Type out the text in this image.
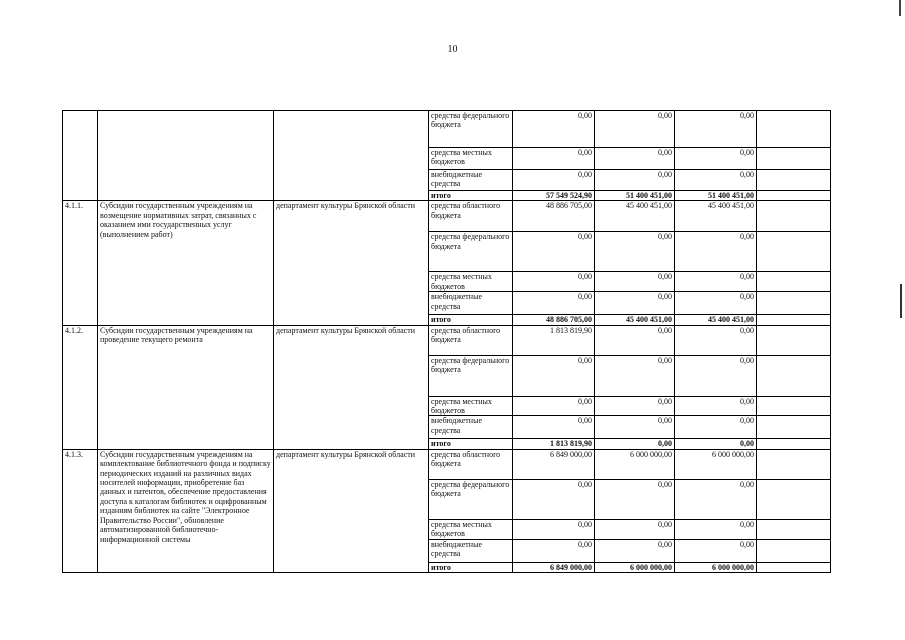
10

			средства федерального бюджета	0,00	0,00	0,00	

			средства местных бюджетов	0,00	0,00	0,00	

			внебюджетные средства	0,00	0,00	0,00	

			итого	57 549 524,90	51 400 451,00	51 400 451,00	
4.1.1.	Субсидии государственным учреждениям на возмещение нормативных затрат, связанных с оказанием ими государственных услуг (выполнением работ)	департамент культуры Брянской области	средства областного бюджета	48 886 705,00	45 400 451,00	45 400 451,00	

			средства федерального бюджета	0,00	0,00	0,00	

			средства местных бюджетов	0,00	0,00	0,00	

			внебюджетные средства	0,00	0,00	0,00	

			итого	48 886 705,00	45 400 451,00	45 400 451,00	
4.1.2.	Субсидии государственным учреждениям на проведение текущего ремонта	департамент культуры Брянской области	средства областного бюджета	1 813 819,90	0,00	0,00	

			средства федерального бюджета	0,00	0,00	0,00	

			средства местных бюджетов	0,00	0,00	0,00	

			внебюджетные средства	0,00	0,00	0,00	

			итого	1 813 819,90	0,00	0,00	
4.1.3.	Субсидии государственным учреждениям на комплектование библиотечного фонда и подписку периодических изданий на различных видах носителей информации, приобретение баз данных и патентов, обеспечение предоставления доступа к каталогам библиотек и оцифрованным изданиям библиотек на сайте "Электронное Правительство России", обновление автоматизированной библиотечно-информационной системы	департамент культуры Брянской области	средства областного бюджета	6 849 000,00	6 000 000,00	6 000 000,00	

			средства федерального бюджета	0,00	0,00	0,00	

			средства местных бюджетов	0,00	0,00	0,00	

			внебюджетные средства	0,00	0,00	0,00	

			итого	6 849 000,00	6 000 000,00	6 000 000,00	
